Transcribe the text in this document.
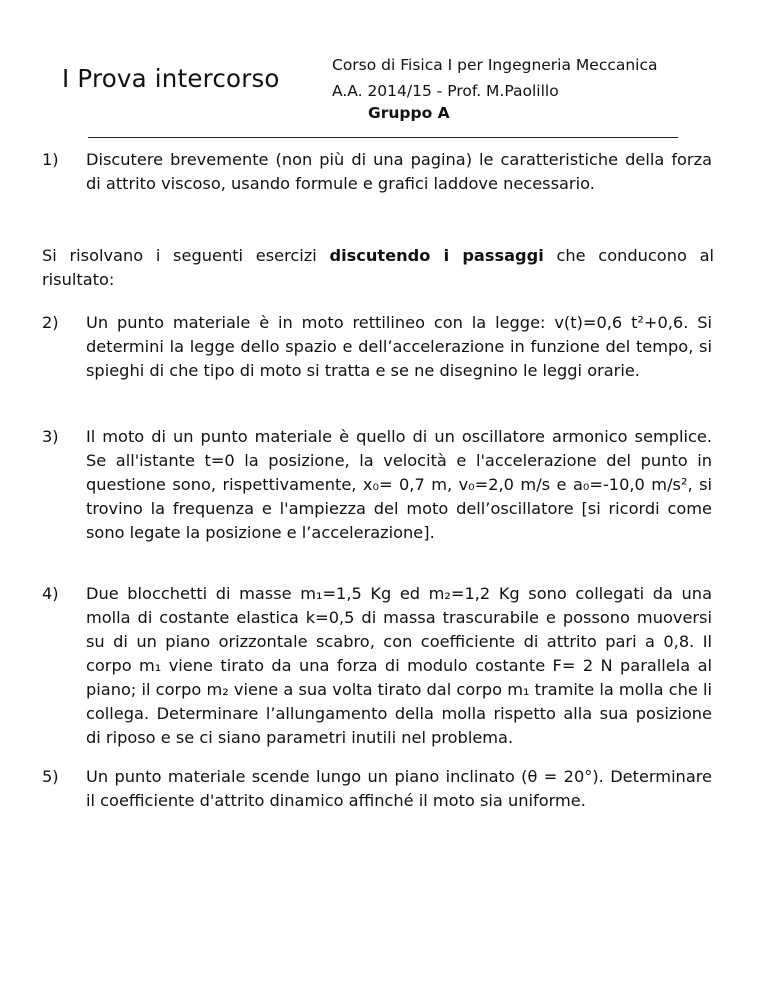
I Prova intercorso	Corso di Fisica I per Ingegneria Meccanica
A.A. 2014/15 - Prof. M.Paolillo
Gruppo A
1) Discutere brevemente (non più di una pagina) le caratteristiche della forza di attrito viscoso, usando formule e grafici laddove necessario.
Si risolvano i seguenti esercizi discutendo i passaggi che conducono al risultato:
2) Un punto materiale è in moto rettilineo con la legge: v(t)=0,6 t²+0,6. Si determini la legge dello spazio e dell’accelerazione in funzione del tempo, si spieghi di che tipo di moto si tratta e se ne disegnino le leggi orarie.
3) Il moto di un punto materiale è quello di un oscillatore armonico semplice. Se all'istante t=0 la posizione, la velocità e l'accelerazione del punto in questione sono, rispettivamente, x₀= 0,7 m, v₀=2,0 m/s e a₀=-10,0 m/s², si trovino la frequenza e l'ampiezza del moto dell’oscillatore [si ricordi come sono legate la posizione e l’accelerazione].
4) Due blocchetti di masse m₁=1,5 Kg ed m₂=1,2 Kg sono collegati da una molla di costante elastica k=0,5 di massa trascurabile e possono muoversi su di un piano orizzontale scabro, con coefficiente di attrito pari a 0,8. Il corpo m₁ viene tirato da una forza di modulo costante F= 2 N parallela al piano; il corpo m₂ viene a sua volta tirato dal corpo m₁ tramite la molla che li collega. Determinare l’allungamento della molla rispetto alla sua posizione di riposo e se ci siano parametri inutili nel problema.
5) Un punto materiale scende lungo un piano inclinato (θ = 20°). Determinare il coefficiente d'attrito dinamico affinché il moto sia uniforme.
